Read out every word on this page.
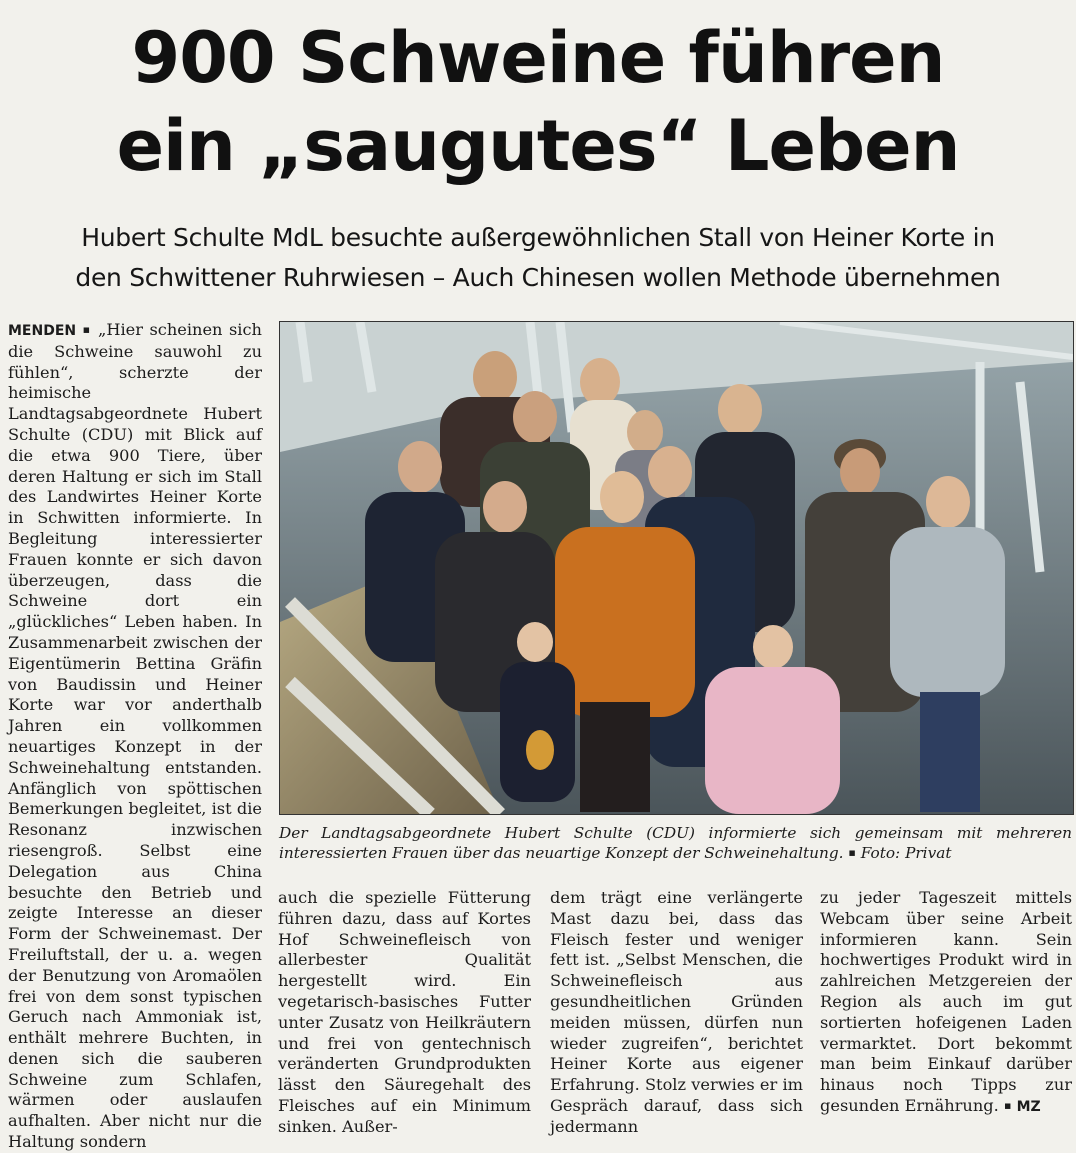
900 Schweine führen
ein „saugutes“ Leben
Hubert Schulte MdL besuchte außergewöhnlichen Stall von Heiner Korte in
den Schwittener Ruhrwiesen – Auch Chinesen wollen Methode übernehmen
MENDEN ▪ „Hier scheinen sich die Schweine sauwohl zu fühlen“, scherzte der heimische Landtagsabgeordnete Hubert Schulte (CDU) mit Blick auf die etwa 900 Tiere, über deren Haltung er sich im Stall des Landwirtes Heiner Korte in Schwitten informierte. In Begleitung interessierter Frauen konnte er sich davon überzeugen, dass die Schweine dort ein „glückliches“ Leben haben. In Zusammenarbeit zwischen der Eigentümerin Bettina Gräfin von Baudissin und Heiner Korte war vor anderthalb Jahren ein vollkommen neuartiges Konzept in der Schweinehaltung entstanden. Anfänglich von spöttischen Bemerkungen begleitet, ist die Resonanz inzwischen riesengroß. Selbst eine Delegation aus China besuchte den Betrieb und zeigte Interesse an dieser Form der Schweinemast. Der Freiluftstall, der u. a. wegen der Benutzung von Aromaölen frei von dem sonst typischen Geruch nach Ammoniak ist, enthält mehrere Buchten, in denen sich die sauberen Schweine zum Schlafen, wärmen oder auslaufen aufhalten. Aber nicht nur die Haltung sondern
Der Landtagsabgeordnete Hubert Schulte (CDU) informierte sich gemeinsam mit mehreren interessierten Frauen über das neuartige Konzept der Schweinehaltung. ▪ Foto: Privat
auch die spezielle Fütterung führen dazu, dass auf Kortes Hof Schweinefleisch von allerbester Qualität hergestellt wird. Ein vegetarisch-basisches Futter unter Zusatz von Heilkräutern und frei von gentechnisch veränderten Grundprodukten lässt den Säuregehalt des Fleisches auf ein Minimum sinken. Außer-
dem trägt eine verlängerte Mast dazu bei, dass das Fleisch fester und weniger fett ist. „Selbst Menschen, die Schweinefleisch aus gesundheitlichen Gründen meiden müssen, dürfen nun wieder zugreifen“, berichtet Heiner Korte aus eigener Erfahrung. Stolz verwies er im Gespräch darauf, dass sich jedermann
zu jeder Tageszeit mittels Webcam über seine Arbeit informieren kann. Sein hochwertiges Produkt wird in zahlreichen Metzgereien der Region als auch im gut sortierten hofeigenen Laden vermarktet. Dort bekommt man beim Einkauf darüber hinaus noch Tipps zur gesunden Ernährung. ▪ MZ
